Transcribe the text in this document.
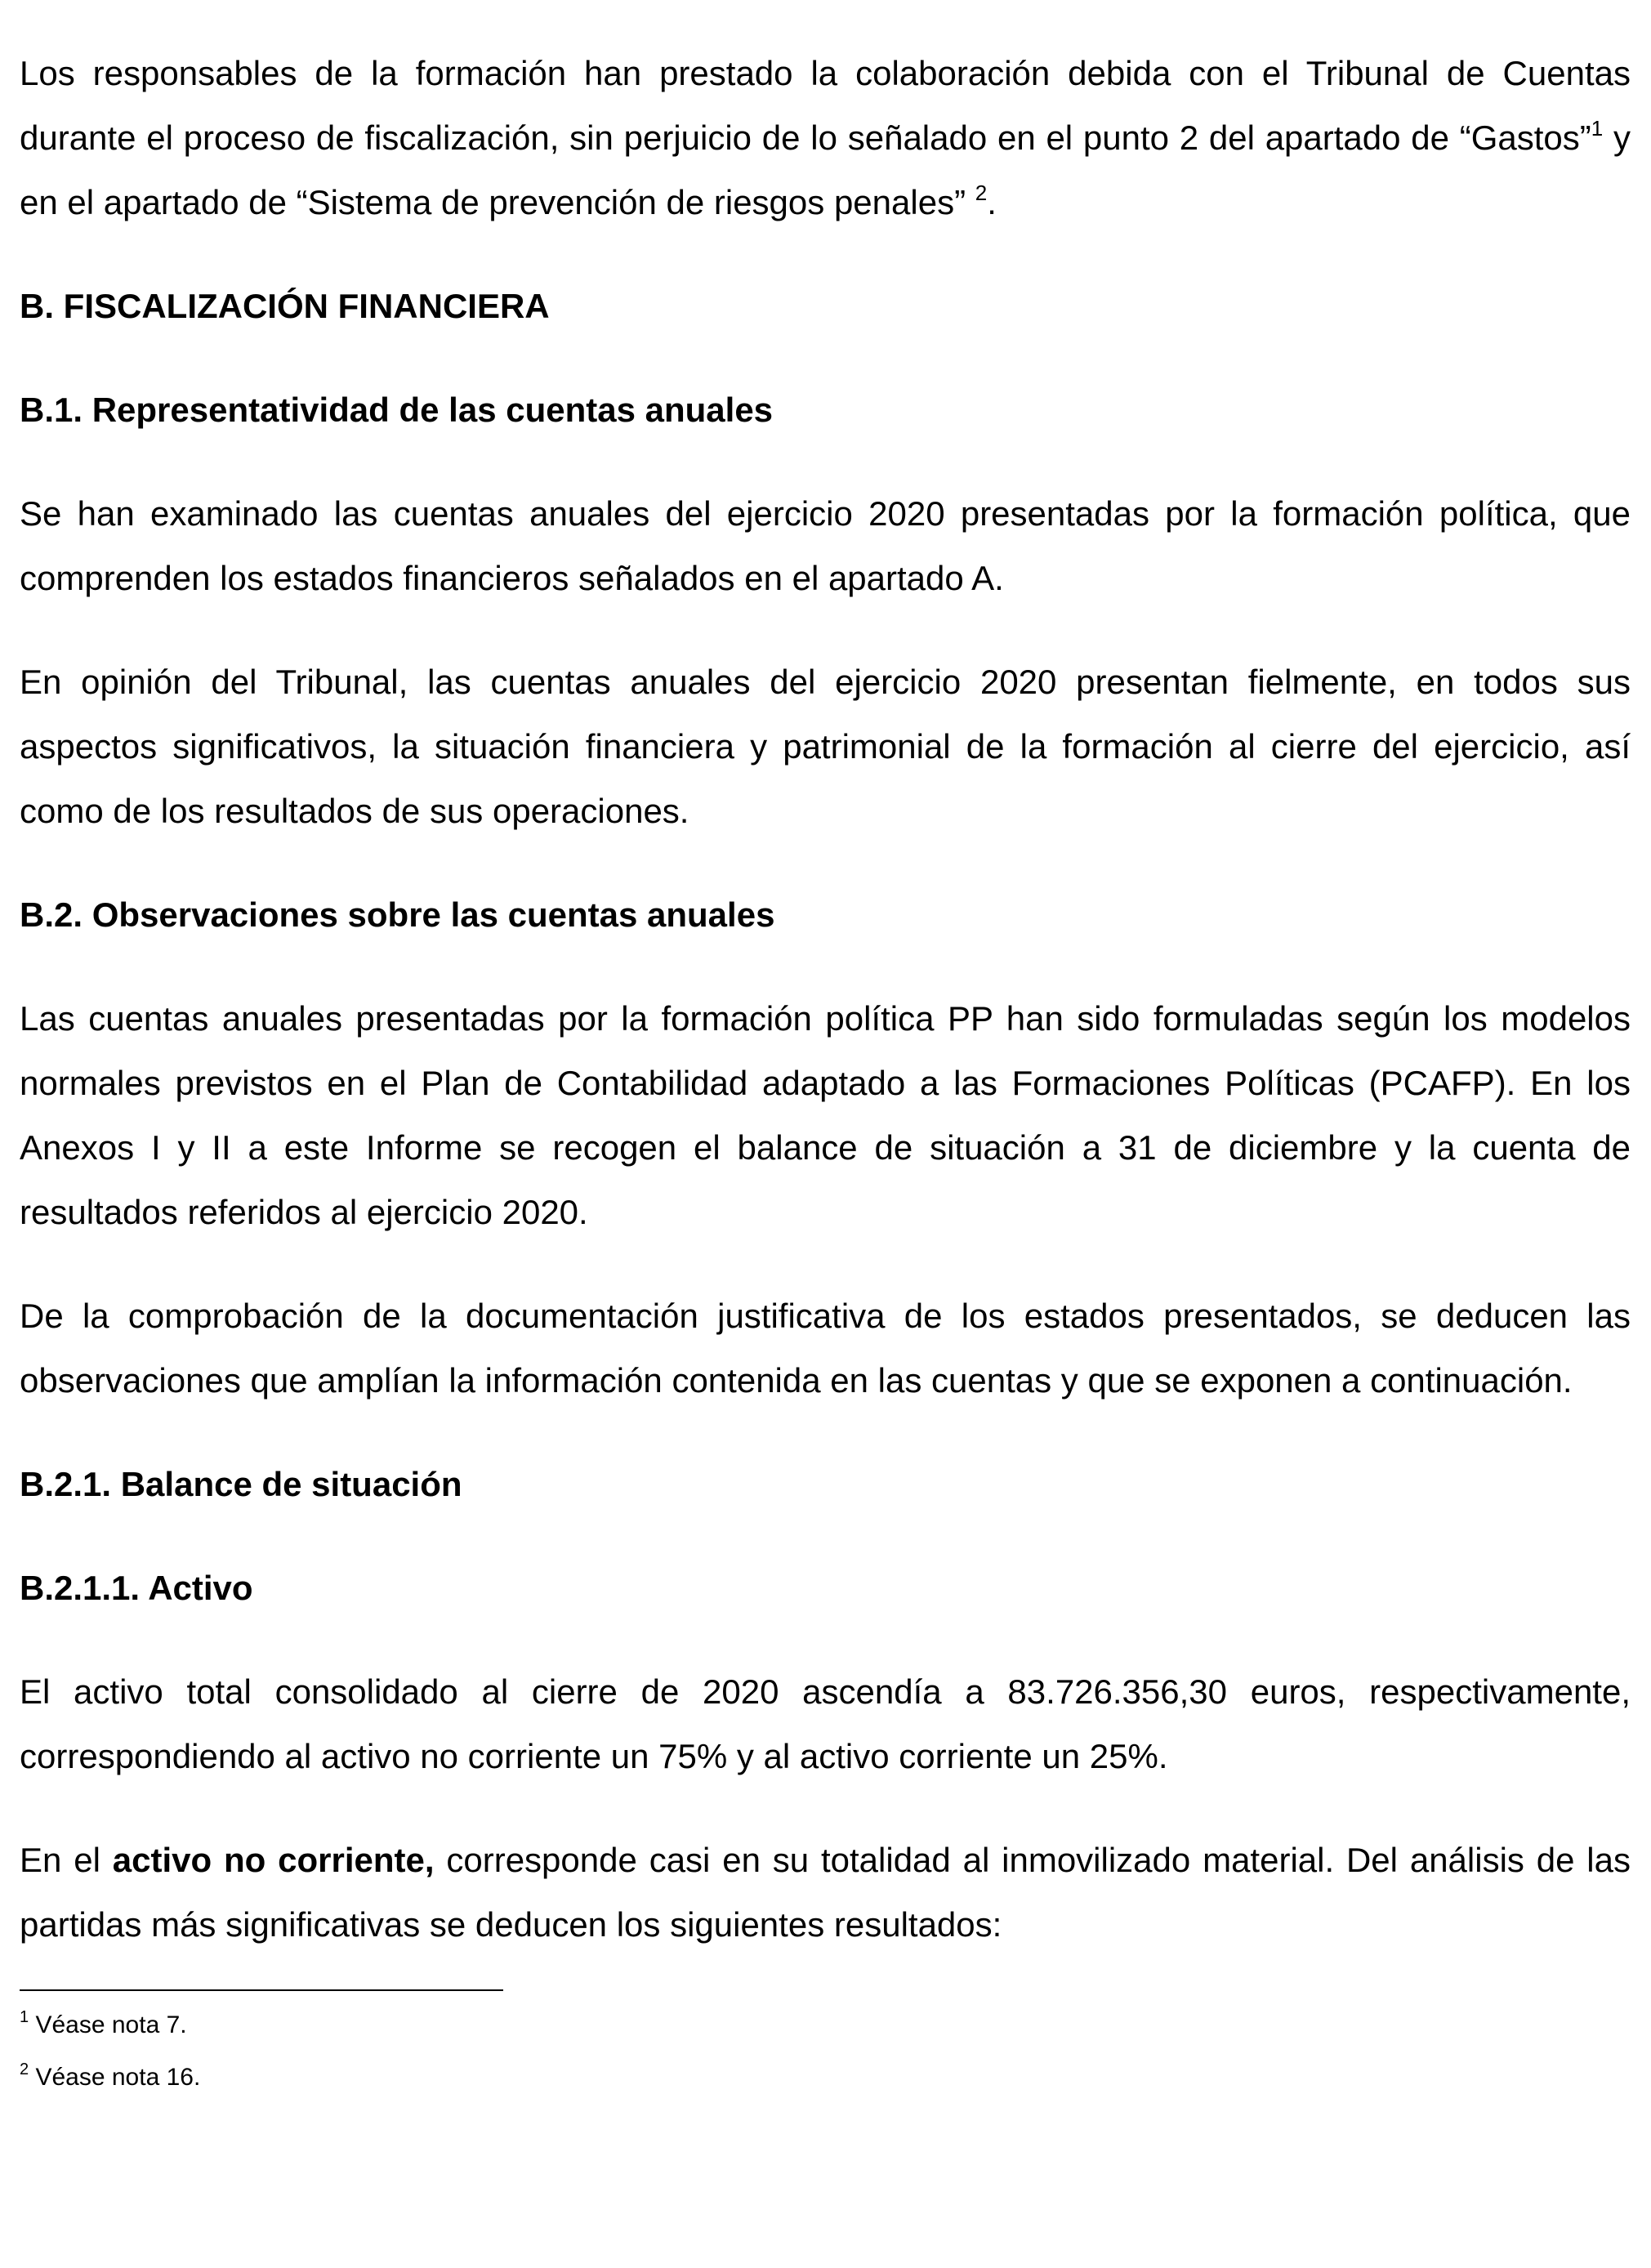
Los responsables de la formación han prestado la colaboración debida con el Tribunal de Cuentas durante el proceso de fiscalización, sin perjuicio de lo señalado en el punto 2 del apartado de “Gastos”$^1$ y en el apartado de “Sistema de prevención de riesgos penales” $^2$.

B. FISCALIZACIÓN FINANCIERA
B.1. Representatividad de las cuentas anuales

Se han examinado las cuentas anuales del ejercicio 2020 presentadas por la formación política, que comprenden los estados financieros señalados en el apartado A.

En opinión del Tribunal, las cuentas anuales del ejercicio 2020 presentan fielmente, en todos sus aspectos significativos, la situación financiera y patrimonial de la formación al cierre del ejercicio, así como de los resultados de sus operaciones.

B.2. Observaciones sobre las cuentas anuales

Las cuentas anuales presentadas por la formación política PP han sido formuladas según los modelos normales previstos en el Plan de Contabilidad adaptado a las Formaciones Políticas (PCAFP). En los Anexos I y II a este Informe se recogen el balance de situación a 31 de diciembre y la cuenta de resultados referidos al ejercicio 2020.

De la comprobación de la documentación justificativa de los estados presentados, se deducen las observaciones que amplían la información contenida en las cuentas y que se exponen a continuación.

B.2.1. Balance de situación
B.2.1.1. Activo

El activo total consolidado al cierre de 2020 ascendía a 83.726.356,30 euros, respectivamente, correspondiendo al activo no corriente un 75% y al activo corriente un 25%.

En el activo no corriente, corresponde casi en su totalidad al inmovilizado material. Del análisis de las partidas más significativas se deducen los siguientes resultados:

$^1$ Véase nota 7.

$^2$ Véase nota 16.
